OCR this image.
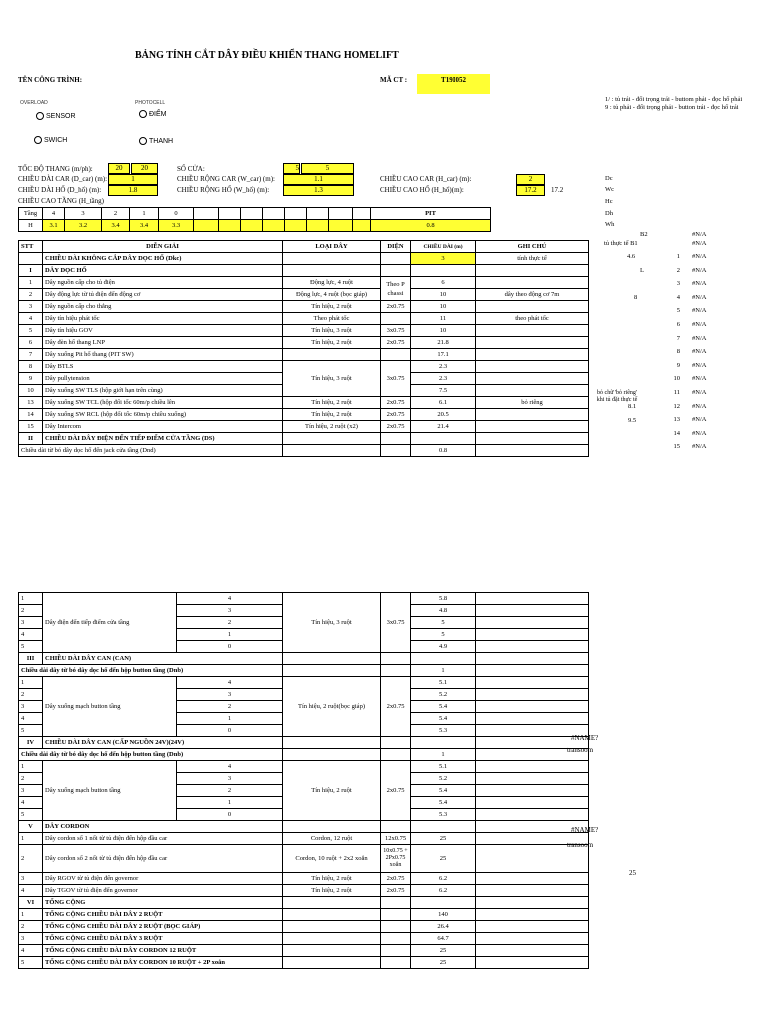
BẢNG TÍNH CẮT DÂY ĐIỀU KHIỂN THANG HOMELIFT
TÊN CÔNG TRÌNH:	MÃ CT :	T19I052
1/ : tủ trái - đối trọng trái - buttom phải - đọc hố phải 9 : tủ phải - đối trọng phải - button trái - đọc hố trái
OVERLOAD	PHOTOCELL
SENSOR	ĐIỂM
SWICH	THANH
TỐC ĐỘ THANG (m/ph):	20	20	SỐ CỬA:	5	5
CHIỀU DÀI CAR (D_car) (m):	1	CHIỀU RỘNG CAR (W_car) (m):	1.1	CHIỀU CAO CAR (H_car) (m):	2
CHIỀU DÀI HỐ (D_hố) (m):	1.8	CHIỀU RỘNG HỐ (W_hố) (m):	1.3	CHIỀU CAO HỐ (H_hố)(m):	17.2	17.2
CHIỀU CAO TẦNG (H_tầng)
Dc
Wc
Hc
Dh
Wh
Tầng	4	3	2	1	0									PIT
H	3.1	3.2	3.4	3.4	3.3									0.8
B2
tủ thực tế B1
4.6
L
8
8.1
9.5
1 #N/A
2 #N/A
3 #N/A
4 #N/A
5 #N/A
6 #N/A
7 #N/A
8 #N/A
9 #N/A
10 #N/A
11 #N/A
12 #N/A
13 #N/A
14 #N/A
15 #N/A
#N/A
#N/A
STT	DIỄN GIẢI	LOẠI DÂY	DIỆN	CHIỀU DÀI (m)	GHI CHÚ
	CHIỀU DÀI KHÔNG CẮP DÂY DỌC HỐ (Dkc)			3	tính thực tế
I	DÂY DỌC HỐ				
1	Dây nguồn cấp cho tủ điện	Động lực, 4 ruột	Theo P chassi	6	
2	Dây động lực từ tủ điện đến động cơ	Động lực, 4 ruột (bọc giáp)		10	dây theo động cơ 7m
3	Dây nguồn cấp cho thắng	Tín hiệu, 2 ruột	2x0.75	10	
4	Dây tín hiệu phát tốc	Theo phát tốc		11	theo phát tốc
5	Dây tín hiệu GOV	Tín hiệu, 3 ruột	3x0.75	10	
6	Dây đèn hố thang LNP	Tín hiệu, 2 ruột	2x0.75	21.8	
7	Dây xuống Pit hố thang (PIT SW)			17.1	
8	Dây BTLS	Tín hiệu, 3 ruột	3x0.75	2.3	
9	Dây pullytension			2.3	
10	Dây xuống SW TLS (hộp giới hạn trên cùng)			7.5	
13	Dây xuống SW TCL (hộp đổi tốc 60m/p chiều lên	Tín hiệu, 2 ruột	2x0.75	6.1	bỏ riêng
14	Dây xuống SW RCL (hộp đổi tốc 60m/p chiều xuống)	Tín hiệu, 2 ruột	2x0.75	20.5	
15	Dây Intercom	Tín hiệu, 2 ruột (x2)	2x0.75	21.4	
II	CHIỀU DÀI DÂY ĐIỆN ĐẾN TIẾP ĐIỂM CỬA TẦNG (DS)				
Chiều dài từ bó dây dọc hố đến jack cửa tầng (Dnd)				0.8	
bỏ chữ 'bỏ riêng' khi tủ đặt thực tế
1	Dây điện đến tiếp điểm cửa tầng	4	Tín hiệu, 3 ruột	3x0.75	5.8	
2		3			4.8	
3		2			5	
4		1			5	
5		0			4.9	
III	CHIỀU DÀI DÂY CAN (CAN)					
Chiều dài dây từ bó dây dọc hố đến hộp button tầng (Dnb)					1	
1	Dây xuống mạch button tầng	4	Tín hiệu, 2 ruột(bọc giáp)	2x0.75	5.1	
2		3			5.2	
3		2			5.4	
4		1			5.4	
5		0			5.3	
IV	CHIỀU DÀI DÂY CAN (CẤP NGUỒN 24V)(24V)					
Chiều dài dây từ bó dây dọc hố đến hộp button tầng (Dnb)					1	
1	Dây xuống mạch button tầng	4	Tín hiệu, 2 ruột	2x0.75	5.1	
2		3			5.2	
3		2			5.4	
4		1			5.4	
5		0			5.3	
V	DÂY CORDON					
1	Dây cordon số 1 nối từ tủ điện đến hộp đầu car		Cordon, 12 ruột	12x0.75	25	
2	Dây cordon số 2 nối từ tủ điện đến hộp đầu car		Cordon, 10 ruột + 2x2 xoắn	10x0.75 + 2Px0.75 xoắn	25	
3	Dây RGOV từ tủ điện đến governor		Tín hiệu, 2 ruột	2x0.75	6.2	
4	Dây TGOV từ tủ điện đến governor		Tín hiệu, 2 ruột	2x0.75	6.2	
VI	TỔNG CỘNG					
1	TỔNG CỘNG CHIỀU DÀI DÂY 2 RUỘT				140	
2	TỔNG CỘNG CHIỀU DÀI DÂY 2 RUỘT (BỌC GIÁP)				26.4	
3	TỔNG CỘNG CHIỀU DÀI DÂY 3 RUỘT				64.7	
4	TỔNG CỘNG CHIỀU DÀI DÂY CORDON 12 RUỘT				25	
5	TỔNG CỘNG CHIỀU DÀI DÂY CORDON 10 RUỘT + 2P xoắn				25	
#NAME?
transoom
#NAME?
transoom
25
